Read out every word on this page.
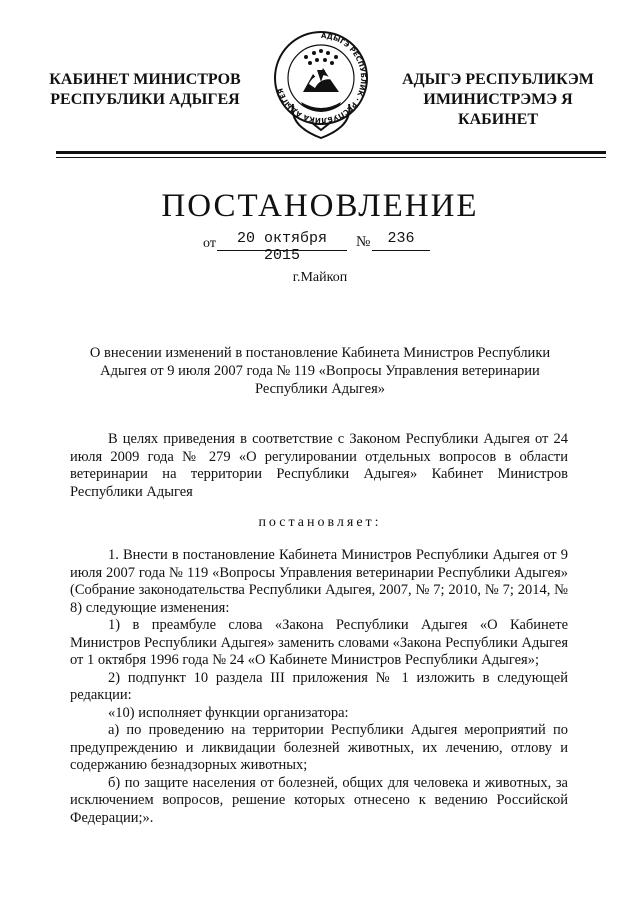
КАБИНЕТ МИНИСТРОВ
РЕСПУБЛИКИ АДЫГЕЯ
АДЫГЭ РЕСПУБЛИК · РЕСПУБЛИКА АДЫГЕЯ
АДЫГЭ РЕСПУБЛИКЭМ
ИМИНИСТРЭМЭ Я КАБИНЕТ
ПОСТАНОВЛЕНИЕ
от	20 октября 2015
№	236
г.Майкоп
О внесении изменений в постановление Кабинета Министров Республики Адыгея от 9 июля 2007 года № 119 «Вопросы Управления ветеринарии Республики Адыгея»

В целях приведения в соответствие с Законом Республики Адыгея от 24 июля 2009 года № 279 «О регулировании отдельных вопросов в области ветеринарии на территории Республики Адыгея» Кабинет Министров Республики Адыгея

постановляет:

1. Внести в постановление Кабинета Министров Республики Адыгея от 9 июля 2007 года № 119 «Вопросы Управления ветеринарии Республики Адыгея» (Собрание законодательства Республики Адыгея, 2007, № 7; 2010, № 7; 2014, № 8) следующие изменения:

1) в преамбуле слова «Закона Республики Адыгея «О Кабинете Министров Республики Адыгея» заменить словами «Закона Республики Адыгея от 1 октября 1996 года № 24 «О Кабинете Министров Республики Адыгея»;

2) подпункт 10 раздела III приложения № 1 изложить в следующей редакции:

«10) исполняет функции организатора:

а) по проведению на территории Республики Адыгея мероприятий по предупреждению и ликвидации болезней животных, их лечению, отлову и содержанию безнадзорных животных;

б) по защите населения от болезней, общих для человека и животных, за исключением вопросов, решение которых отнесено к ведению Российской Федерации;».
